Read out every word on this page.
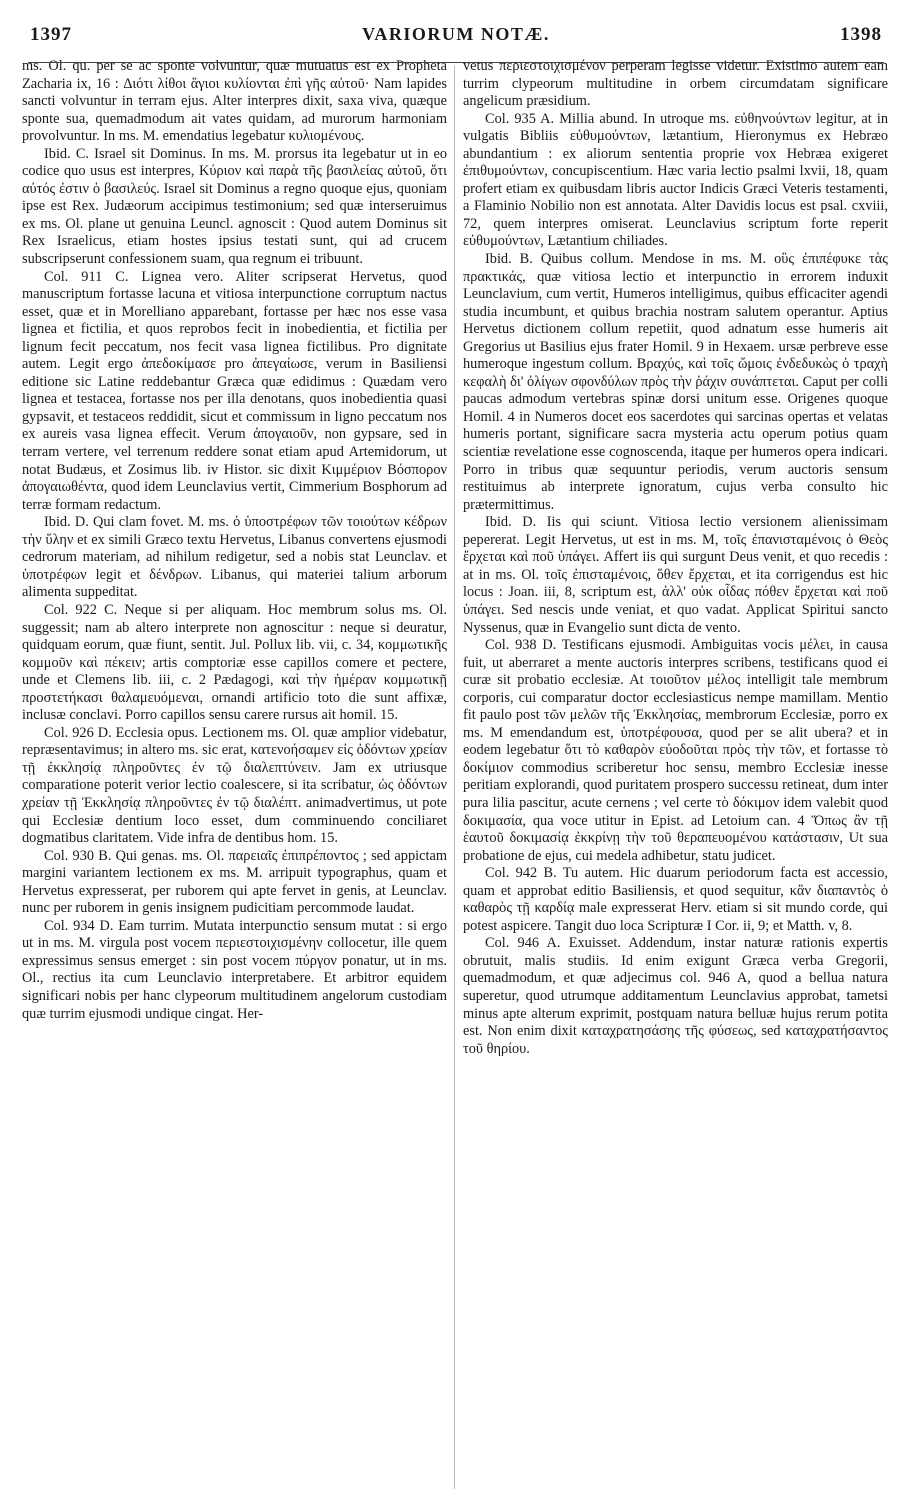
1397	VARIORUM NOTÆ.	1398

ms. Ol. qu. per se ac sponte volvuntur, quæ mutuatus est ex Propheta Zacharia ix, 16 : Διότι λίθοι ἅγιοι κυλίονται ἐπὶ γῆς αὐτοῦ· Nam lapides sancti volvuntur in terram ejus. Alter interpres dixit, saxa viva, quæque sponte sua, quemadmodum ait vates quidam, ad murorum harmoniam provolvuntur. In ms. M. emendatius legebatur κυλιομένους.

Ibid. C. Israel sit Dominus. In ms. M. prorsus ita legebatur ut in eo codice quo usus est interpres, Κύριον καὶ παρὰ τῆς βασιλείας αὐτοῦ, ὅτι αὐτός ἐστιν ὁ βασιλεύς. Israel sit Dominus a regno quoque ejus, quoniam ipse est Rex. Judæorum accipimus testimonium; sed quæ interseruimus ex ms. Ol. plane ut genuina Leuncl. agnoscit : Quod autem Dominus sit Rex Israelicus, etiam hostes ipsius testati sunt, qui ad crucem subscripserunt confessionem suam, qua regnum ei tribuunt.

Col. 911 C. Lignea vero. Aliter scripserat Hervetus, quod manuscriptum fortasse lacuna et vitiosa interpunctione corruptum nactus esset, quæ et in Morelliano apparebant, fortasse per hæc nos esse vasa lignea et fictilia, et quos reprobos fecit in inobedientia, et fictilia per lignum fecit peccatum, nos fecit vasa lignea fictilibus. Pro dignitate autem. Legit ergo ἀπεδοκίμασε pro ἀπεγαίωσε, verum in Basiliensi editione sic Latine reddebantur Græca quæ edidimus : Quædam vero lignea et testacea, fortasse nos per illa denotans, quos inobedientia quasi gypsavit, et testaceos reddidit, sicut et commissum in ligno peccatum nos ex aureis vasa lignea effecit. Verum ἀπογαιοῦν, non gypsare, sed in terram vertere, vel terrenum reddere sonat etiam apud Artemidorum, ut notat Budæus, et Zosimus lib. iv Histor. sic dixit Κιμμέριον Βόσπορον ἀπογαιωθέντα, quod idem Leunclavius vertit, Cimmerium Bosphorum ad terræ formam redactum.

Ibid. D. Qui clam fovet. M. ms. ὁ ὑποστρέφων τῶν τοιούτων κέδρων τὴν ὕλην et ex simili Græco textu Hervetus, Libanus convertens ejusmodi cedrorum materiam, ad nihilum redigetur, sed a nobis stat Leunclav. et ὑποτρέφων legit et δένδρων. Libanus, qui materiei talium arborum alimenta suppeditat.

Col. 922 C. Neque si per aliquam. Hoc membrum solus ms. Ol. suggessit; nam ab altero interprete non agnoscitur : neque si deuratur, quidquam eorum, quæ fiunt, sentit. Jul. Pollux lib. vii, c. 34, κομμωτικῆς κομμοῦν καὶ πέκειν; artis comptoriæ esse capillos comere et pectere, unde et Clemens lib. iii, c. 2 Pædagogi, καὶ τὴν ἡμέραν κομμωτικῇ προστετήκασι θαλαμευόμεναι, ornandi artificio toto die sunt affixæ, inclusæ conclavi. Porro capillos sensu carere rursus ait homil. 15.

Col. 926 D. Ecclesia opus. Lectionem ms. Ol. quæ amplior videbatur, repræsentavimus; in altero ms. sic erat, κατενοήσαμεν εἰς ὀδόντων χρείαν τῇ ἐκκλησίᾳ πληροῦντες ἐν τῷ διαλεπτύνειν. Jam ex utriusque comparatione poterit verior lectio coalescere, si ita scribatur, ὡς ὀδόντων χρείαν τῇ Ἐκκλησίᾳ πληροῦντες ἐν τῷ διαλέπτ. animadvertimus, ut pote qui Ecclesiæ dentium loco esset, dum comminuendo conciliaret dogmatibus claritatem. Vide infra de dentibus hom. 15.

Col. 930 B. Qui genas. ms. Ol. παρειαῖς ἐπιπρέποντος ; sed appictam margini variantem lectionem ex ms. M. arripuit typographus, quam et Hervetus expresserat, per ruborem qui apte fervet in genis, at Leunclav. nunc per ruborem in genis insignem pudicitiam percommode laudat.

Col. 934 D. Eam turrim. Mutata interpunctio sensum mutat : si ergo ut in ms. M. virgula post vocem περιεστοιχισμένην collocetur, ille quem expressimus sensus emerget : sin post vocem πύργον ponatur, ut in ms. Ol., rectius ita cum Leunclavio interpretabere. Et arbitror equidem significari nobis per hanc clypeorum multitudinem angelorum custodiam quæ turrim ejusmodi undique cingat. Her-

vetus περιεστοιχισμένον perperam legisse videtur. Existimo autem eam turrim clypeorum multitudine in orbem circumdatam significare angelicum præsidium.

Col. 935 A. Millia abund. In utroque ms. εὐθηνούντων legitur, at in vulgatis Bibliis εὐθυμούντων, lætantium, Hieronymus ex Hebræo abundantium : ex aliorum sententia proprie vox Hebræa exigeret ἐπιθυμούντων, concupiscentium. Hæc varia lectio psalmi lxvii, 18, quam profert etiam ex quibusdam libris auctor Indicis Græci Veteris testamenti, a Flaminio Nobilio non est annotata. Alter Davidis locus est psal. cxviii, 72, quem interpres omiserat. Leunclavius scriptum forte reperit εὐθυμούντων, Lætantium chiliades.

Ibid. B. Quibus collum. Mendose in ms. M. οὓς ἐπιπέφυκε τὰς πρακτικάς, quæ vitiosa lectio et interpunctio in errorem induxit Leunclavium, cum vertit, Humeros intelligimus, quibus efficaciter agendi studia incumbunt, et quibus brachia nostram salutem operantur. Aptius Hervetus dictionem collum repetiit, quod adnatum esse humeris ait Gregorius ut Basilius ejus frater Homil. 9 in Hexaem. ursæ perbreve esse humeroque ingestum collum. Βραχύς, καὶ τοῖς ὤμοις ἐνδεδυκὼς ὁ τραχὴ κεφαλὴ δι' ὀλίγων σφονδύλων πρὸς τὴν ῥάχιν συνάπτεται. Caput per colli paucas admodum vertebras spinæ dorsi unitum esse. Origenes quoque Homil. 4 in Numeros docet eos sacerdotes qui sarcinas opertas et velatas humeris portant, significare sacra mysteria actu operum potius quam scientiæ revelatione esse cognoscenda, itaque per humeros opera indicari. Porro in tribus quæ sequuntur periodis, verum auctoris sensum restituimus ab interprete ignoratum, cujus verba consulto hic prætermittimus.

Ibid. D. Iis qui sciunt. Vitiosa lectio versionem alienissimam pepererat. Legit Hervetus, ut est in ms. M, τοῖς ἐπανισταμένοις ὁ Θεὸς ἔρχεται καὶ ποῦ ὑπάγει. Affert iis qui surgunt Deus venit, et quo recedis : at in ms. Ol. τοῖς ἐπισταμένοις, ὅθεν ἔρχεται, et ita corrigendus est hic locus : Joan. iii, 8, scriptum est, ἀλλ' οὐκ οἶδας πόθεν ἔρχεται καὶ ποῦ ὑπάγει. Sed nescis unde veniat, et quo vadat. Applicat Spiritui sancto Nyssenus, quæ in Evangelio sunt dicta de vento.

Col. 938 D. Testificans ejusmodi. Ambiguitas vocis μέλει, in causa fuit, ut aberraret a mente auctoris interpres scribens, testificans quod ei curæ sit probatio ecclesiæ. At τοιοῦτον μέλος intelligit tale membrum corporis, cui comparatur doctor ecclesiasticus nempe mamillam. Mentio fit paulo post τῶν μελῶν τῆς Ἐκκλησίας, membrorum Ecclesiæ, porro ex ms. M emendandum est, ὑποτρέφουσα, quod per se alit ubera? et in eodem legebatur ὅτι τὸ καθαρὸν εὐοδοῦται πρὸς τὴν τῶν, et fortasse τὸ δοκίμιον commodius scriberetur hoc sensu, membro Ecclesiæ inesse peritiam explorandi, quod puritatem prospero successu retineat, dum inter pura lilia pascitur, acute cernens ; vel certe τὸ δόκιμον idem valebit quod δοκιμασία, qua voce utitur in Epist. ad Letoium can. 4 Ὅπως ἂν τῇ ἑαυτοῦ δοκιμασίᾳ ἐκκρίνῃ τὴν τοῦ θεραπευομένου κατάστασιν, Ut sua probatione de ejus, cui medela adhibetur, statu judicet.

Col. 942 B. Tu autem. Hic duarum periodorum facta est accessio, quam et approbat editio Basiliensis, et quod sequitur, κἂν διαπαντὸς ὁ καθαρὸς τῇ καρδίᾳ male expresserat Herv. etiam si sit mundo corde, qui potest aspicere. Tangit duo loca Scripturæ I Cor. ii, 9; et Matth. v, 8.

Col. 946 A. Exuisset. Addendum, instar naturæ rationis expertis obrutuit, malis studiis. Id enim exigunt Græca verba Gregorii, quemadmodum, et quæ adjecimus col. 946 A, quod a bellua natura superetur, quod utrumque additamentum Leunclavius approbat, tametsi minus apte alterum exprimit, postquam natura belluæ hujus rerum potita est. Non enim dixit καταχρατησάσης τῆς φύσεως, sed καταχρατήσαντος τοῦ θηρίου.
